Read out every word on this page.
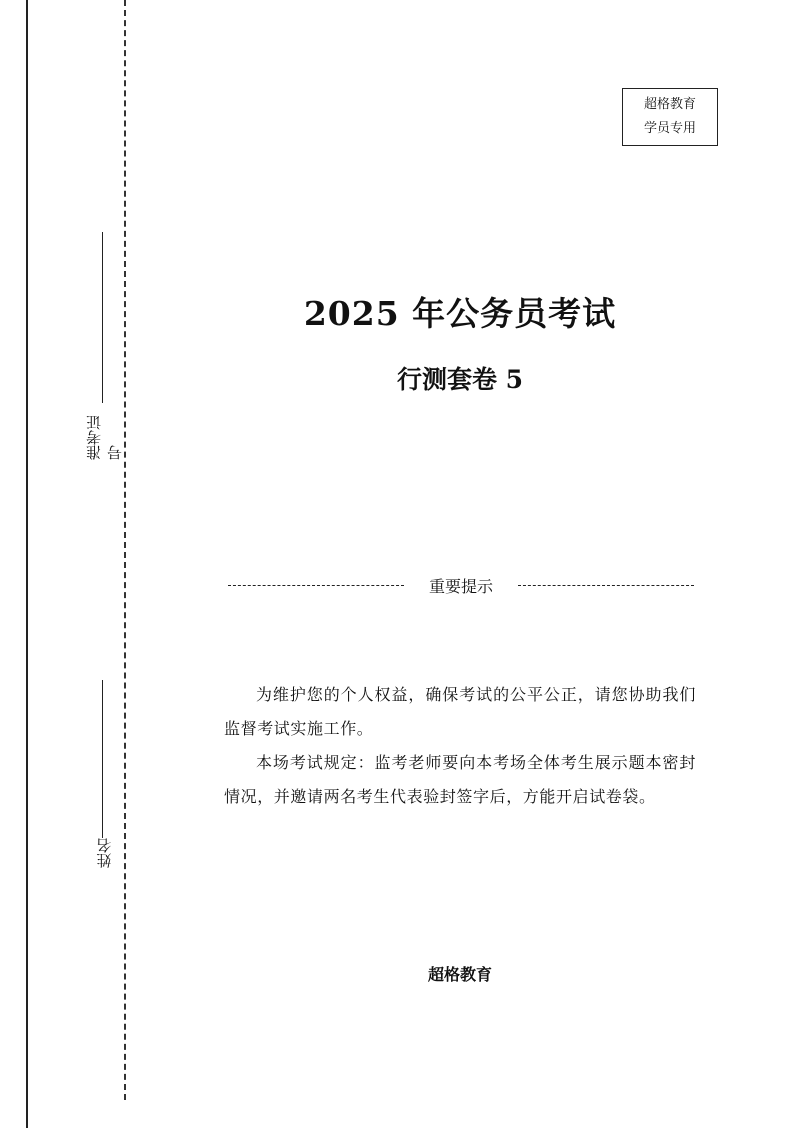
准考证号
姓名
超格教育
学员专用
2025 年公务员考试
行测套卷 5
重要提示

为维护您的个人权益，确保考试的公平公正，请您协助我们监督考试实施工作。

本场考试规定：监考老师要向本考场全体考生展示题本密封情况，并邀请两名考生代表验封签字后，方能开启试卷袋。

超格教育
